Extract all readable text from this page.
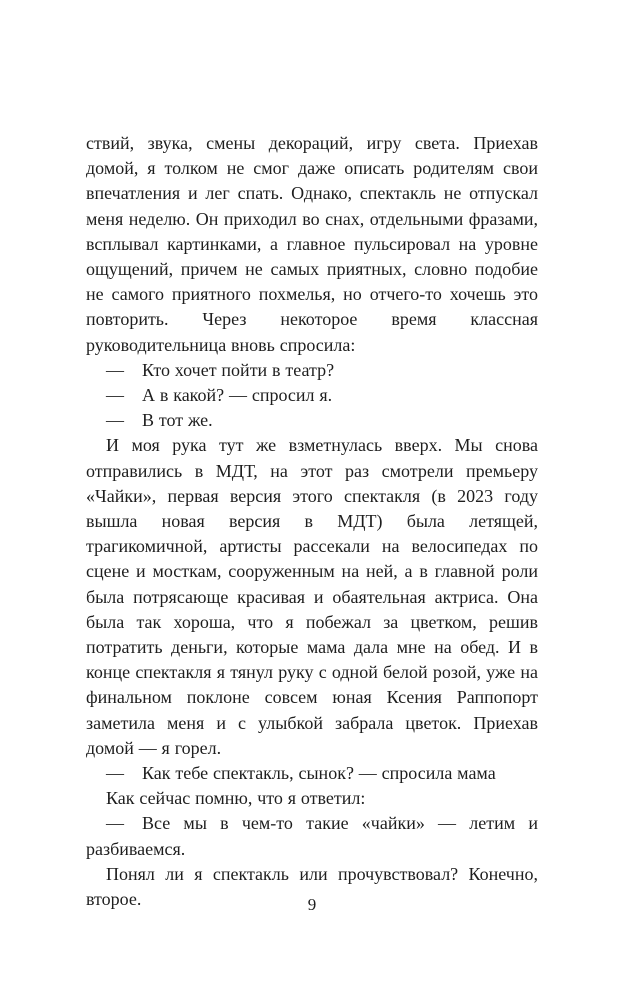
ствий, звука, смены декораций, игру света. Приехав домой, я толком не смог даже описать родителям свои впечатления и лег спать. Однако, спектакль не отпускал меня неделю. Он приходил во снах, отдельными фразами, всплывал картинками, а главное пульсировал на уровне ощущений, причем не самых приятных, словно подобие не самого приятного похмелья, но отчего-то хочешь это повторить. Через некоторое время классная руководительница вновь спросила:

— Кто хочет пойти в театр?

— А в какой? — спросил я.

— В тот же.

И моя рука тут же взметнулась вверх. Мы снова отправились в МДТ, на этот раз смотрели премьеру «Чайки», первая версия этого спектакля (в 2023 году вышла новая версия в МДТ) была летящей, трагикомичной, артисты рассекали на велосипедах по сцене и мосткам, сооруженным на ней, а в главной роли была потрясающе красивая и обаятельная актриса. Она была так хороша, что я побежал за цветком, решив потратить деньги, которые мама дала мне на обед. И в конце спектакля я тянул руку с одной белой розой, уже на финальном поклоне совсем юная Ксения Раппопорт заметила меня и с улыбкой забрала цветок. Приехав домой — я горел.

— Как тебе спектакль, сынок? — спросила мама

Как сейчас помню, что я ответил:

— Все мы в чем-то такие «чайки» — летим и разбиваемся.

Понял ли я спектакль или прочувствовал? Конечно, второе.	9
